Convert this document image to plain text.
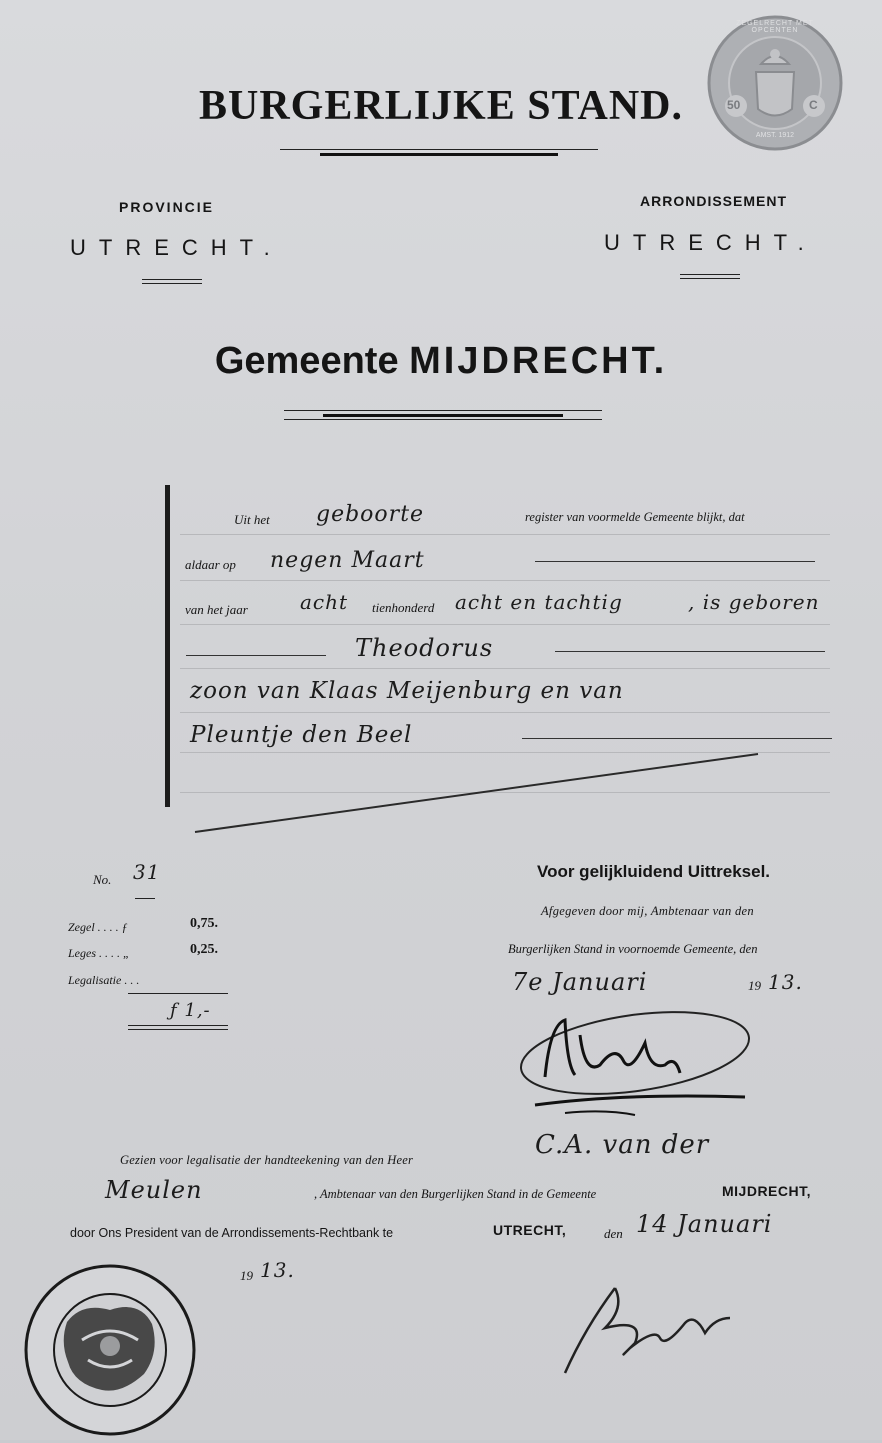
50	C
ZEGELRECHT MET OPCENTEN
AMST. 1912
BURGERLIJKE STAND.
PROVINCIE
UTRECHT.
ARRONDISSEMENT
UTRECHT.
Gemeente MIJDRECHT.
Uit het geboorte	register van voormelde Gemeente blijkt, dat
aldaar op negen Maart
van het jaar	acht tienhonderd acht en tachtig	, is geboren
Theodorus
zoon van Klaas Meijenburg en van
Pleuntje den Beel
No. 31
Zegel . . . . ƒ	0,75.
Leges . . . . „	0,25.
Legalisatie . . .
ƒ 1,-
Voor gelijkluidend Uittreksel.
Afgegeven door mij, Ambtenaar van den
Burgerlijken Stand in voornoemde Gemeente, den
7e Januari	19 13.
Gezien voor legalisatie der handteekening van den Heer	C.A. van der
Meulen	, Ambtenaar van den Burgerlijken Stand in de Gemeente	MIJDRECHT,
door Ons President van de Arrondissements-Rechtbank te	UTRECHT,	den 14 Januari
19 13.
